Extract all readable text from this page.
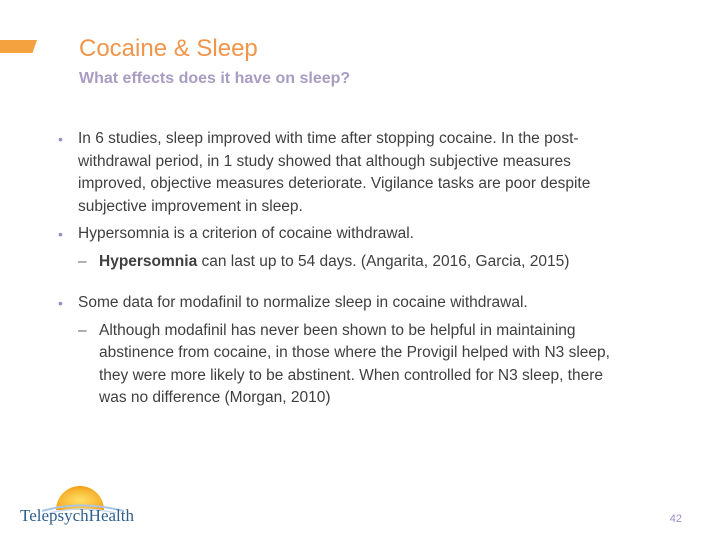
Cocaine & Sleep
What effects does it have on sleep?

• In 6 studies, sleep improved with time after stopping cocaine. In the post-withdrawal period, in 1 study showed that although subjective measures improved, objective measures deteriorate. Vigilance tasks are poor despite subjective improvement in sleep.

• Hypersomnia is a criterion of cocaine withdrawal.

– Hypersomnia can last up to 54 days. (Angarita, 2016, Garcia, 2015)

• Some data for modafinil to normalize sleep in cocaine withdrawal.

– Although modafinil has never been shown to be helpful in maintaining abstinence from cocaine, in those where the Provigil helped with N3 sleep, they were more likely to be abstinent. When controlled for N3 sleep, there was no difference (Morgan, 2010)

TelepsychHealth	42
